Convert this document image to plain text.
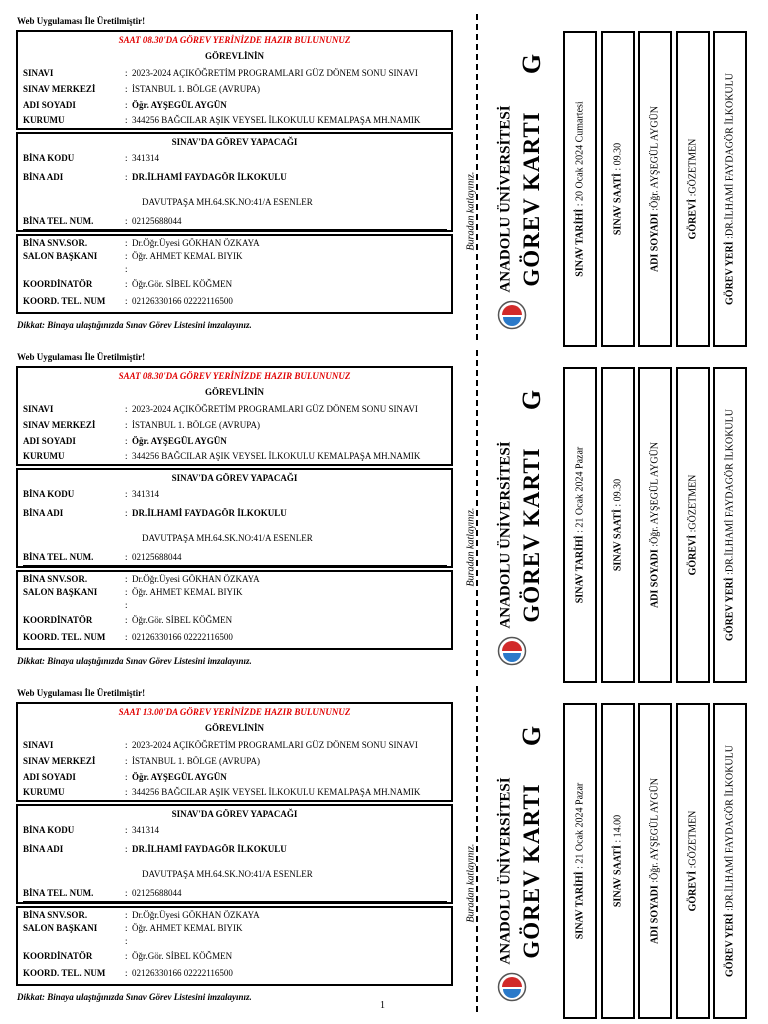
Web Uygulaması İle Üretilmiştir!
SAAT 08.30'DA GÖREV YERİNİZDE HAZIR BULUNUNUZ
GÖREVLİNİN
SINAVI	: 2023-2024 AÇIKÖĞRETİM PROGRAMLARI GÜZ DÖNEM SONU SINAVI
SINAV MERKEZİ	: İSTANBUL 1. BÖLGE (AVRUPA)
ADI SOYADI	: Öğr. AYŞEGÜL AYGÜN
KURUMU	: 344256 BAĞCILAR AŞIK VEYSEL İLKOKULU KEMALPAŞA MH.NAMIK
SINAV'DA GÖREV YAPACAĞI
BİNA KODU	: 341314
BİNA ADI	: DR.İLHAMİ FAYDAGÖR İLKOKULU
DAVUTPAŞA MH.64.SK.NO:41/A ESENLER
BİNA TEL. NUM.	: 02125688044
BİNA SNV.SOR.	: Dr.Öğr.Üyesi GÖKHAN ÖZKAYA
SALON BAŞKANI	: Öğr. AHMET KEMAL BIYIK
:
KOORDİNATÖR	: Öğr.Gör. SİBEL KÖĞMEN
KOORD. TEL. NUM : 02126330166 02222116500
Dikkat: Binaya ulaştığınızda Sınav Görev Listesini imzalayınız.
Buradan katlayınız.
G
ANADOLU ÜNİVERSİTESİ GÖREV KARTI	SINAV TARİHİ : 20 Ocak 2024 Cumartesi	SINAV SAATİ : 09.30
ADI SOYADI :Öğr. AYŞEGÜL AYGÜN
GÖREVİ :GÖZETMEN
GÖREV YERİ :DR.İLHAMİ FAYDAGÖR İLKOKULU
Web Uygulaması İle Üretilmiştir!
SAAT 08.30'DA GÖREV YERİNİZDE HAZIR BULUNUNUZ
GÖREVLİNİN
SINAVI	: 2023-2024 AÇIKÖĞRETİM PROGRAMLARI GÜZ DÖNEM SONU SINAVI
SINAV MERKEZİ	: İSTANBUL 1. BÖLGE (AVRUPA)
ADI SOYADI	: Öğr. AYŞEGÜL AYGÜN
KURUMU	: 344256 BAĞCILAR AŞIK VEYSEL İLKOKULU KEMALPAŞA MH.NAMIK
SINAV'DA GÖREV YAPACAĞI
BİNA KODU	: 341314
BİNA ADI	: DR.İLHAMİ FAYDAGÖR İLKOKULU
DAVUTPAŞA MH.64.SK.NO:41/A ESENLER
BİNA TEL. NUM.	: 02125688044
BİNA SNV.SOR.	: Dr.Öğr.Üyesi GÖKHAN ÖZKAYA
SALON BAŞKANI	: Öğr. AHMET KEMAL BIYIK
:
KOORDİNATÖR	: Öğr.Gör. SİBEL KÖĞMEN
KOORD. TEL. NUM : 02126330166 02222116500
Dikkat: Binaya ulaştığınızda Sınav Görev Listesini imzalayınız.
Buradan katlayınız.
G
ANADOLU ÜNİVERSİTESİ GÖREV KARTI	SINAV TARİHİ : 21 Ocak 2024 Pazar
SINAV SAATİ : 09.30
ADI SOYADI :Öğr. AYŞEGÜL AYGÜN
GÖREVİ :GÖZETMEN
GÖREV YERİ :DR.İLHAMİ FAYDAGÖR İLKOKULU
Web Uygulaması İle Üretilmiştir!
SAAT 13.00'DA GÖREV YERİNİZDE HAZIR BULUNUNUZ
GÖREVLİNİN
SINAVI	: 2023-2024 AÇIKÖĞRETİM PROGRAMLARI GÜZ DÖNEM SONU SINAVI
SINAV MERKEZİ	: İSTANBUL 1. BÖLGE (AVRUPA)
ADI SOYADI	: Öğr. AYŞEGÜL AYGÜN
KURUMU	: 344256 BAĞCILAR AŞIK VEYSEL İLKOKULU KEMALPAŞA MH.NAMIK
SINAV'DA GÖREV YAPACAĞI
BİNA KODU	: 341314
BİNA ADI	: DR.İLHAMİ FAYDAGÖR İLKOKULU
DAVUTPAŞA MH.64.SK.NO:41/A ESENLER
BİNA TEL. NUM.	: 02125688044
BİNA SNV.SOR.	: Dr.Öğr.Üyesi GÖKHAN ÖZKAYA
SALON BAŞKANI	: Öğr. AHMET KEMAL BIYIK
:
KOORDİNATÖR	: Öğr.Gör. SİBEL KÖĞMEN
KOORD. TEL. NUM : 02126330166 02222116500
Dikkat: Binaya ulaştığınızda Sınav Görev Listesini imzalayınız.
Buradan katlayınız.
G
ANADOLU ÜNİVERSİTESİ GÖREV KARTI	SINAV TARİHİ : 21 Ocak 2024 Pazar
SINAV SAATİ : 14.00
ADI SOYADI :Öğr. AYŞEGÜL AYGÜN
GÖREVİ :GÖZETMEN
GÖREV YERİ :DR.İLHAMİ FAYDAGÖR İLKOKULU
1
